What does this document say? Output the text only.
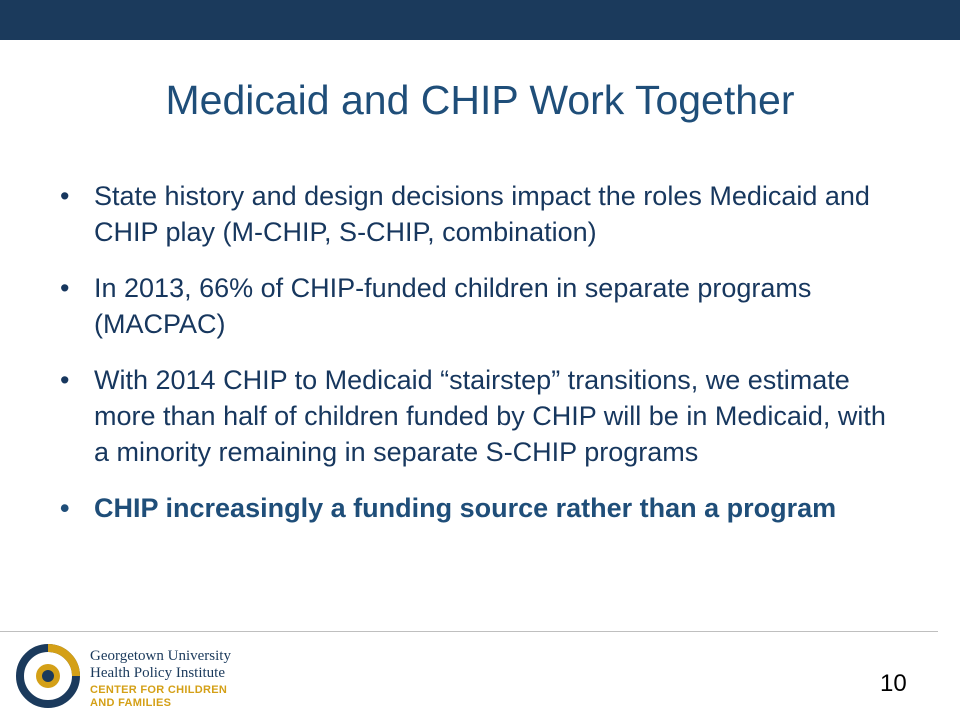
Medicaid and CHIP Work Together
• State history and design decisions impact the roles Medicaid and CHIP play (M-CHIP, S-CHIP, combination)
• In 2013, 66% of CHIP-funded children in separate programs (MACPAC)
• With 2014 CHIP to Medicaid “stairstep” transitions, we estimate more than half of children funded by CHIP will be in Medicaid, with a minority remaining in separate S-CHIP programs
• CHIP increasingly a funding source rather than a program
Georgetown University
Health Policy Institute
CENTER FOR CHILDREN
AND FAMILIES
10
